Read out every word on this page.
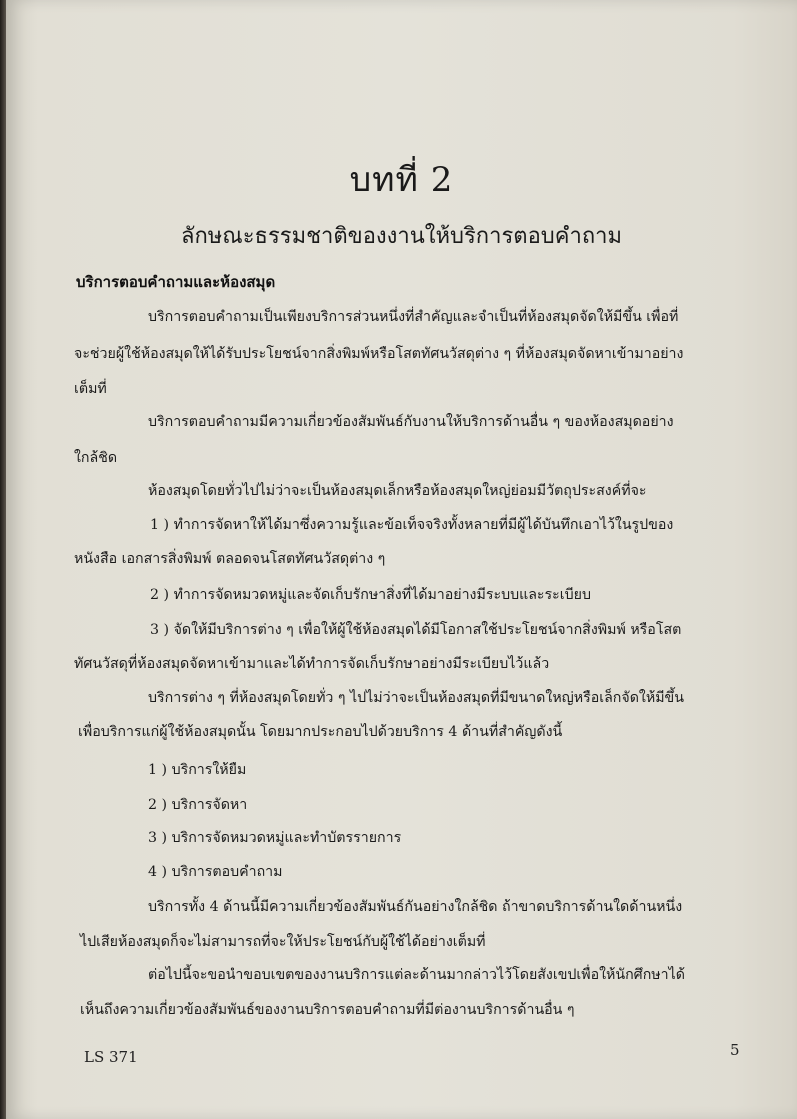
บทที่ 2
ลักษณะธรรมชาติของงานให้บริการตอบคำถาม
บริการตอบคำถามและห้องสมุด
บริการตอบคำถามเป็นเพียงบริการส่วนหนึ่งที่สำคัญและจำเป็นที่ห้องสมุดจัดให้มีขึ้น เพื่อที่
จะช่วยผู้ใช้ห้องสมุดให้ได้รับประโยชน์จากสิ่งพิมพ์หรือโสตทัศนวัสดุต่าง ๆ ที่ห้องสมุดจัดหาเข้ามาอย่าง
เต็มที่
บริการตอบคำถามมีความเกี่ยวข้องสัมพันธ์กับงานให้บริการด้านอื่น ๆ ของห้องสมุดอย่าง
ใกล้ชิด
ห้องสมุดโดยทั่วไปไม่ว่าจะเป็นห้องสมุดเล็กหรือห้องสมุดใหญ่ย่อมมีวัตถุประสงค์ที่จะ
1 ) ทำการจัดหาให้ได้มาซึ่งความรู้และข้อเท็จจริงทั้งหลายที่มีผู้ได้บันทึกเอาไว้ในรูปของ
หนังสือ เอกสารสิ่งพิมพ์ ตลอดจนโสตทัศนวัสดุต่าง ๆ
2 ) ทำการจัดหมวดหมู่และจัดเก็บรักษาสิ่งที่ได้มาอย่างมีระบบและระเบียบ
3 ) จัดให้มีบริการต่าง ๆ เพื่อให้ผู้ใช้ห้องสมุดได้มีโอกาสใช้ประโยชน์จากสิ่งพิมพ์ หรือโสต
ทัศนวัสดุที่ห้องสมุดจัดหาเข้ามาและได้ทำการจัดเก็บรักษาอย่างมีระเบียบไว้แล้ว
บริการต่าง ๆ ที่ห้องสมุดโดยทั่ว ๆ ไปไม่ว่าจะเป็นห้องสมุดที่มีขนาดใหญ่หรือเล็กจัดให้มีขึ้น
เพื่อบริการแก่ผู้ใช้ห้องสมุดนั้น โดยมากประกอบไปด้วยบริการ 4 ด้านที่สำคัญดังนี้
1 ) บริการให้ยืม
2 ) บริการจัดหา
3 ) บริการจัดหมวดหมู่และทำบัตรรายการ
4 ) บริการตอบคำถาม
บริการทั้ง 4 ด้านนี้มีความเกี่ยวข้องสัมพันธ์กันอย่างใกล้ชิด ถ้าขาดบริการด้านใดด้านหนึ่ง
ไปเสียห้องสมุดก็จะไม่สามารถที่จะให้ประโยชน์กับผู้ใช้ได้อย่างเต็มที่
ต่อไปนี้จะขอนำขอบเขตของงานบริการแต่ละด้านมากล่าวไว้โดยสังเขปเพื่อให้นักศึกษาได้
เห็นถึงความเกี่ยวข้องสัมพันธ์ของงานบริการตอบคำถามที่มีต่องานบริการด้านอื่น ๆ
LS 371	5
